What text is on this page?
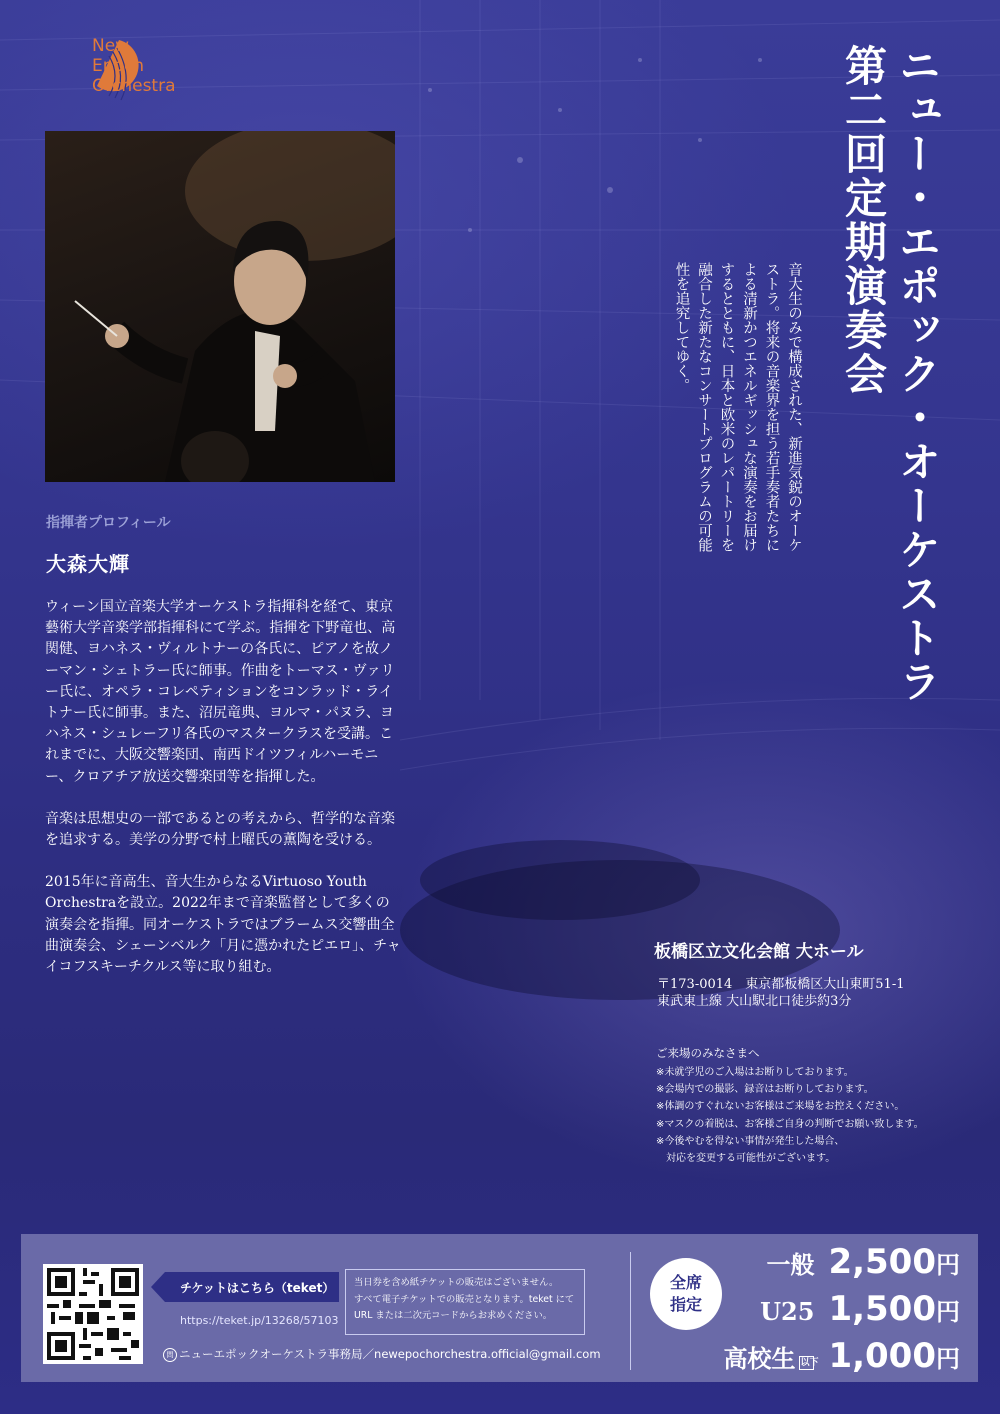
New
Epoch
Orchestra	ニュー・エポック・オーケストラ
第二回定期演奏会
音大生のみで構成された、新進気鋭のオーケストラ。将来の音楽界を担う若手奏者たちによる清新かつエネルギッシュな演奏をお届けするとともに、日本と欧米のレパートリーを融合した新たなコンサートプログラムの可能性を追究してゆく。
指揮者プロフィール
大森大輝

ウィーン国立音楽大学オーケストラ指揮科を経て、東京藝術大学音楽学部指揮科にて学ぶ。指揮を下野竜也、高関健、ヨハネス・ヴィルトナーの各氏に、ピアノを故ノーマン・シェトラー氏に師事。作曲をトーマス・ヴァリー氏に、オペラ・コレペティションをコンラッド・ライトナー氏に師事。また、沼尻竜典、ヨルマ・パヌラ、ヨハネス・シュレーフリ各氏のマスタークラスを受講。これまでに、大阪交響楽団、南西ドイツフィルハーモニー、クロアチア放送交響楽団等を指揮した。

音楽は思想史の一部であるとの考えから、哲学的な音楽を追求する。美学の分野で村上曜氏の薫陶を受ける。

2015年に音高生、音大生からなるVirtuoso Youth Orchestraを設立。2022年まで音楽監督として多くの演奏会を指揮。同オーケストラではブラームス交響曲全曲演奏会、シェーンベルク「月に憑かれたピエロ」、チャイコフスキーチクルス等に取り組む。

板橋区立文化会館 大ホール
〒173-0014　東京都板橋区大山東町51-1
東武東上線 大山駅北口徒歩約3分
ご来場のみなさまへ
※未就学児のご入場はお断りしております。
※会場内での撮影、録音はお断りしております。
※体調のすぐれないお客様はご来場をお控えください。
※マスクの着脱は、お客様ご自身の判断でお願い致します。
※今後やむを得ない事情が発生した場合、
　対応を変更する可能性がございます。
チケットはこちら（teket）
https://teket.jp/13268/57103
当日券を含め紙チケットの販売はございません。
すべて電子チケットでの販売となります。teket にて
URL または二次元コードからお求めください。
問 ニューエポックオーケストラ事務局／newepochorchestra.official@gmail.com
全席
指定
一般 2,500円
U25 1,500円
高校生 以下 1,000円
